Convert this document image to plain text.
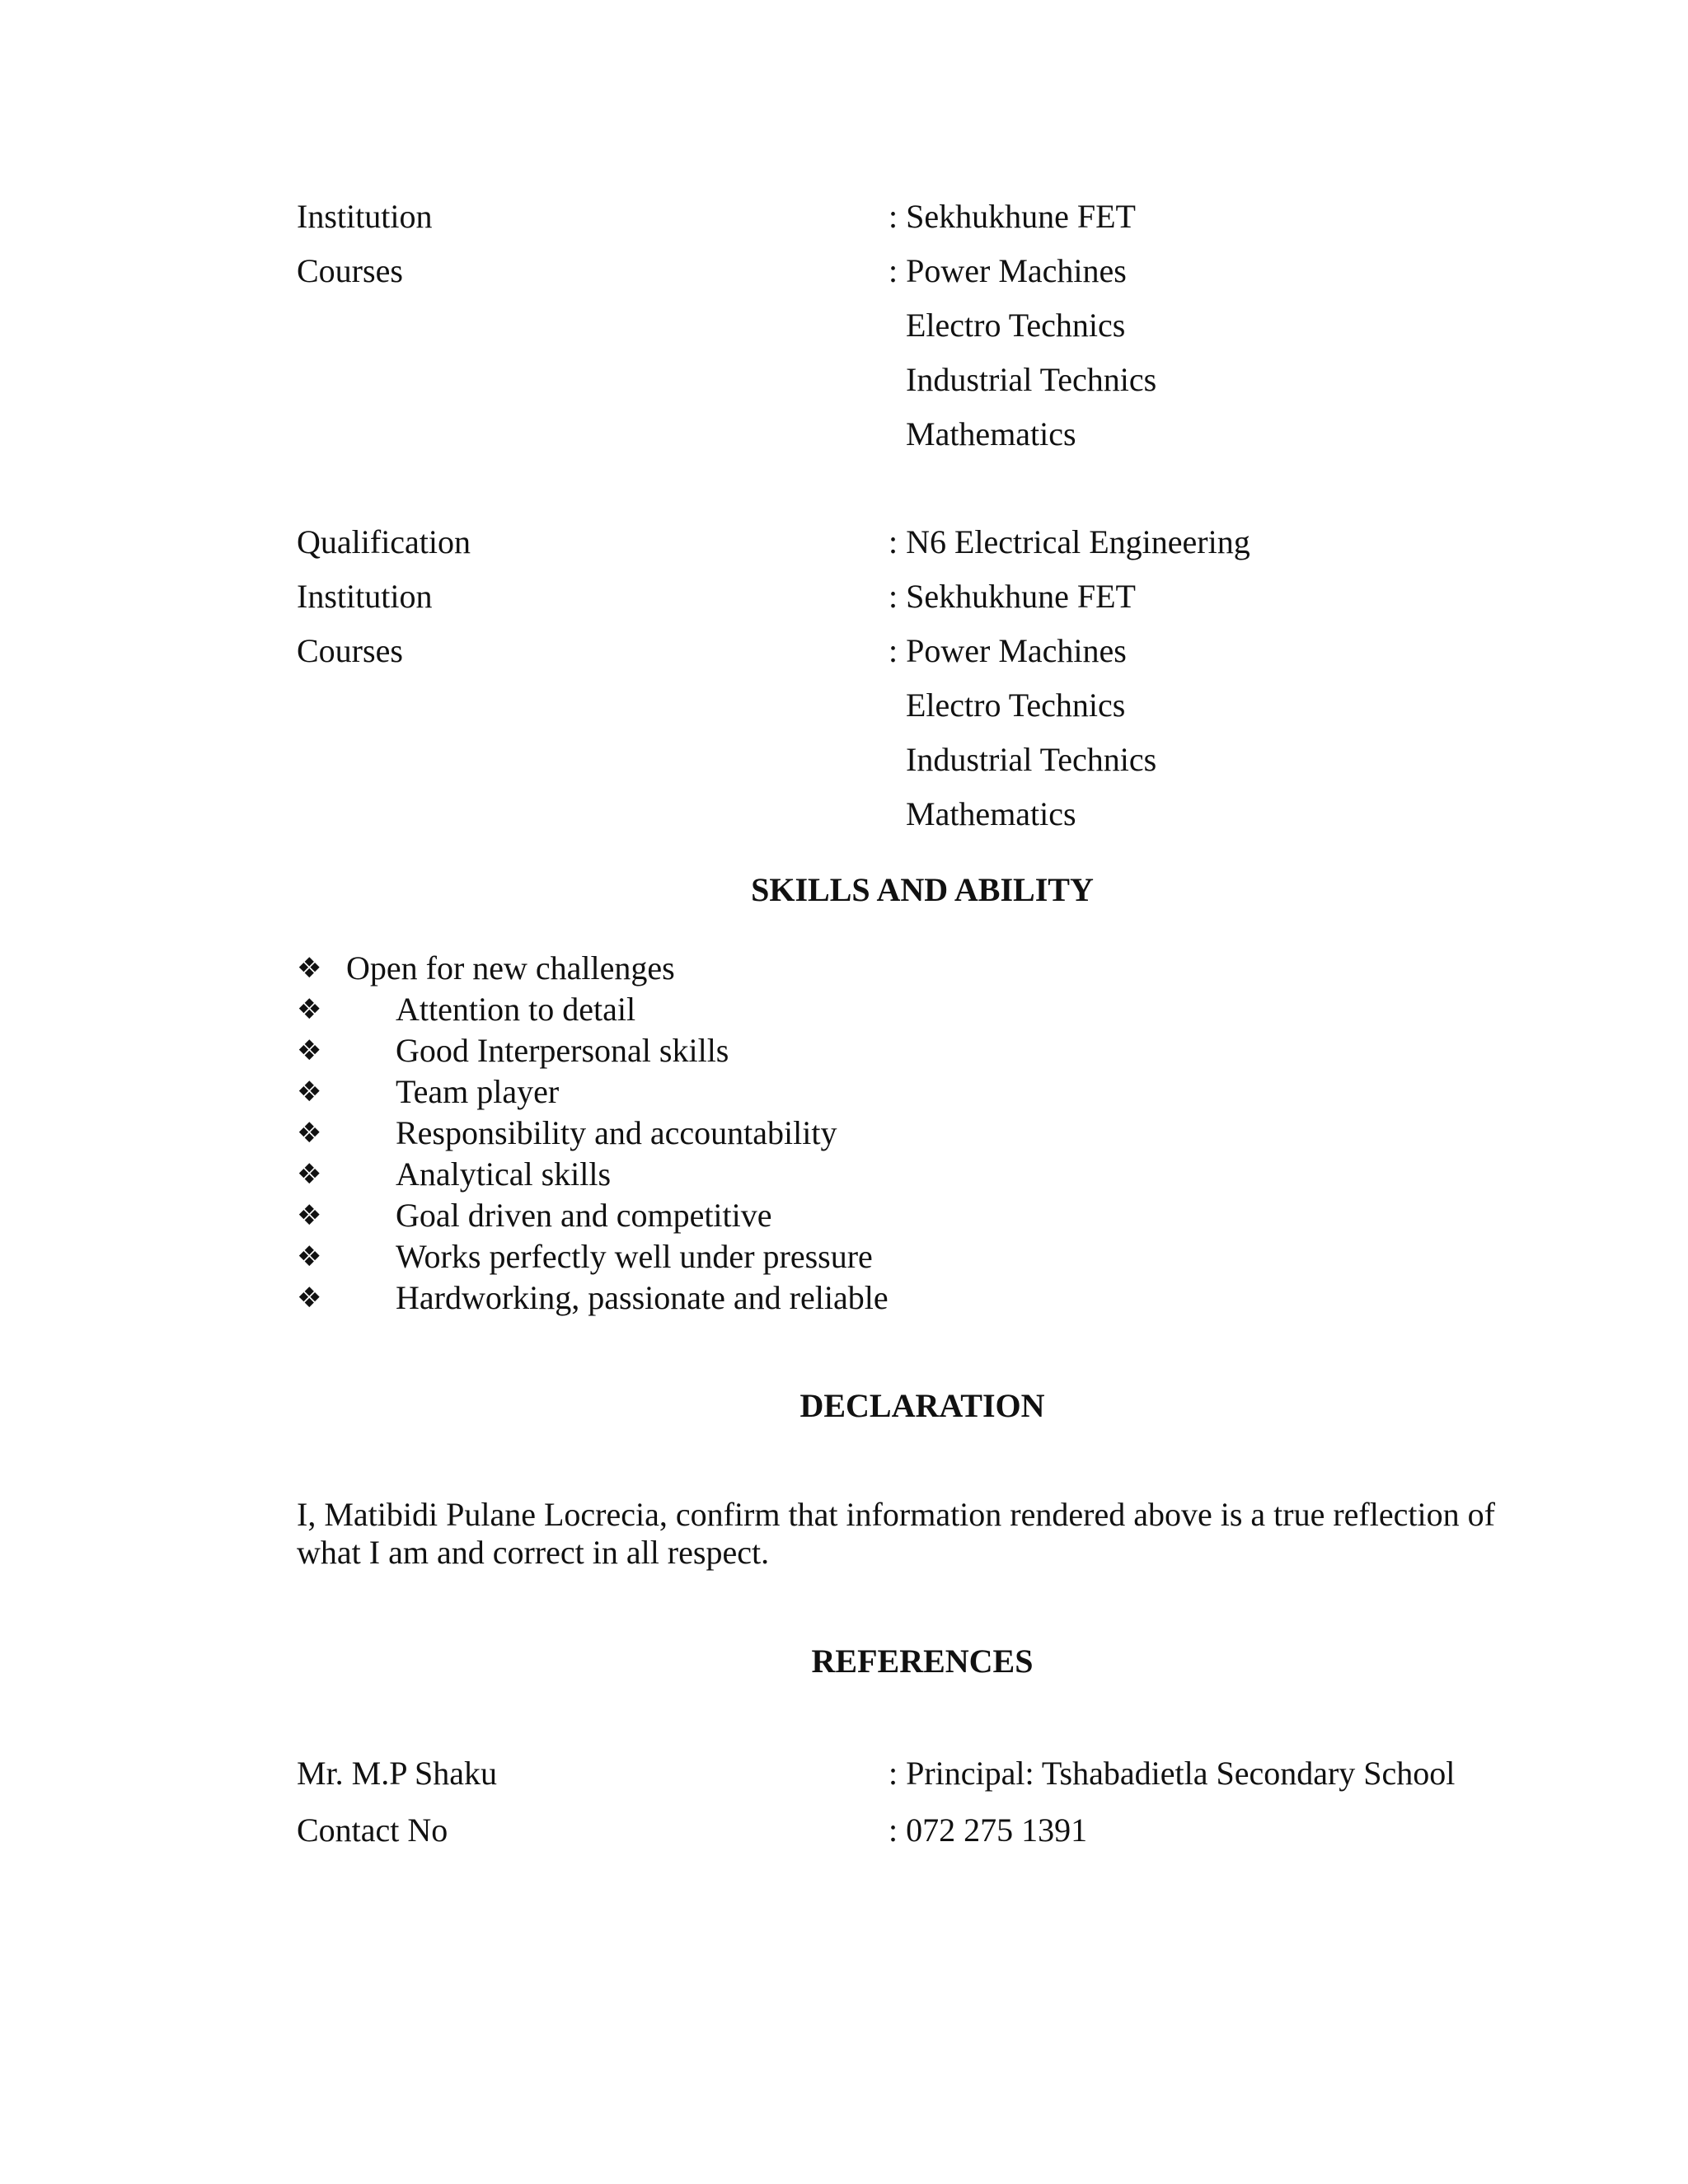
Institution	: Sekhukhune FET
Courses	: Power Machines
Electro Technics
Industrial Technics
Mathematics
Qualification	: N6 Electrical Engineering
Institution	: Sekhukhune FET
Courses	: Power Machines
Electro Technics
Industrial Technics
Mathematics
SKILLS AND ABILITY
❖ Open for new challenges
❖ Attention to detail
❖ Good Interpersonal skills
❖ Team player
❖ Responsibility and accountability
❖ Analytical skills
❖ Goal driven and competitive
❖ Works perfectly well under pressure
❖ Hardworking, passionate and reliable
DECLARATION
I, Matibidi Pulane Locrecia, confirm that information rendered above is a true reflection of what I am and correct in all respect.
REFERENCES
Mr. M.P Shaku	: Principal: Tshabadietla Secondary School
Contact No	: 072 275 1391
